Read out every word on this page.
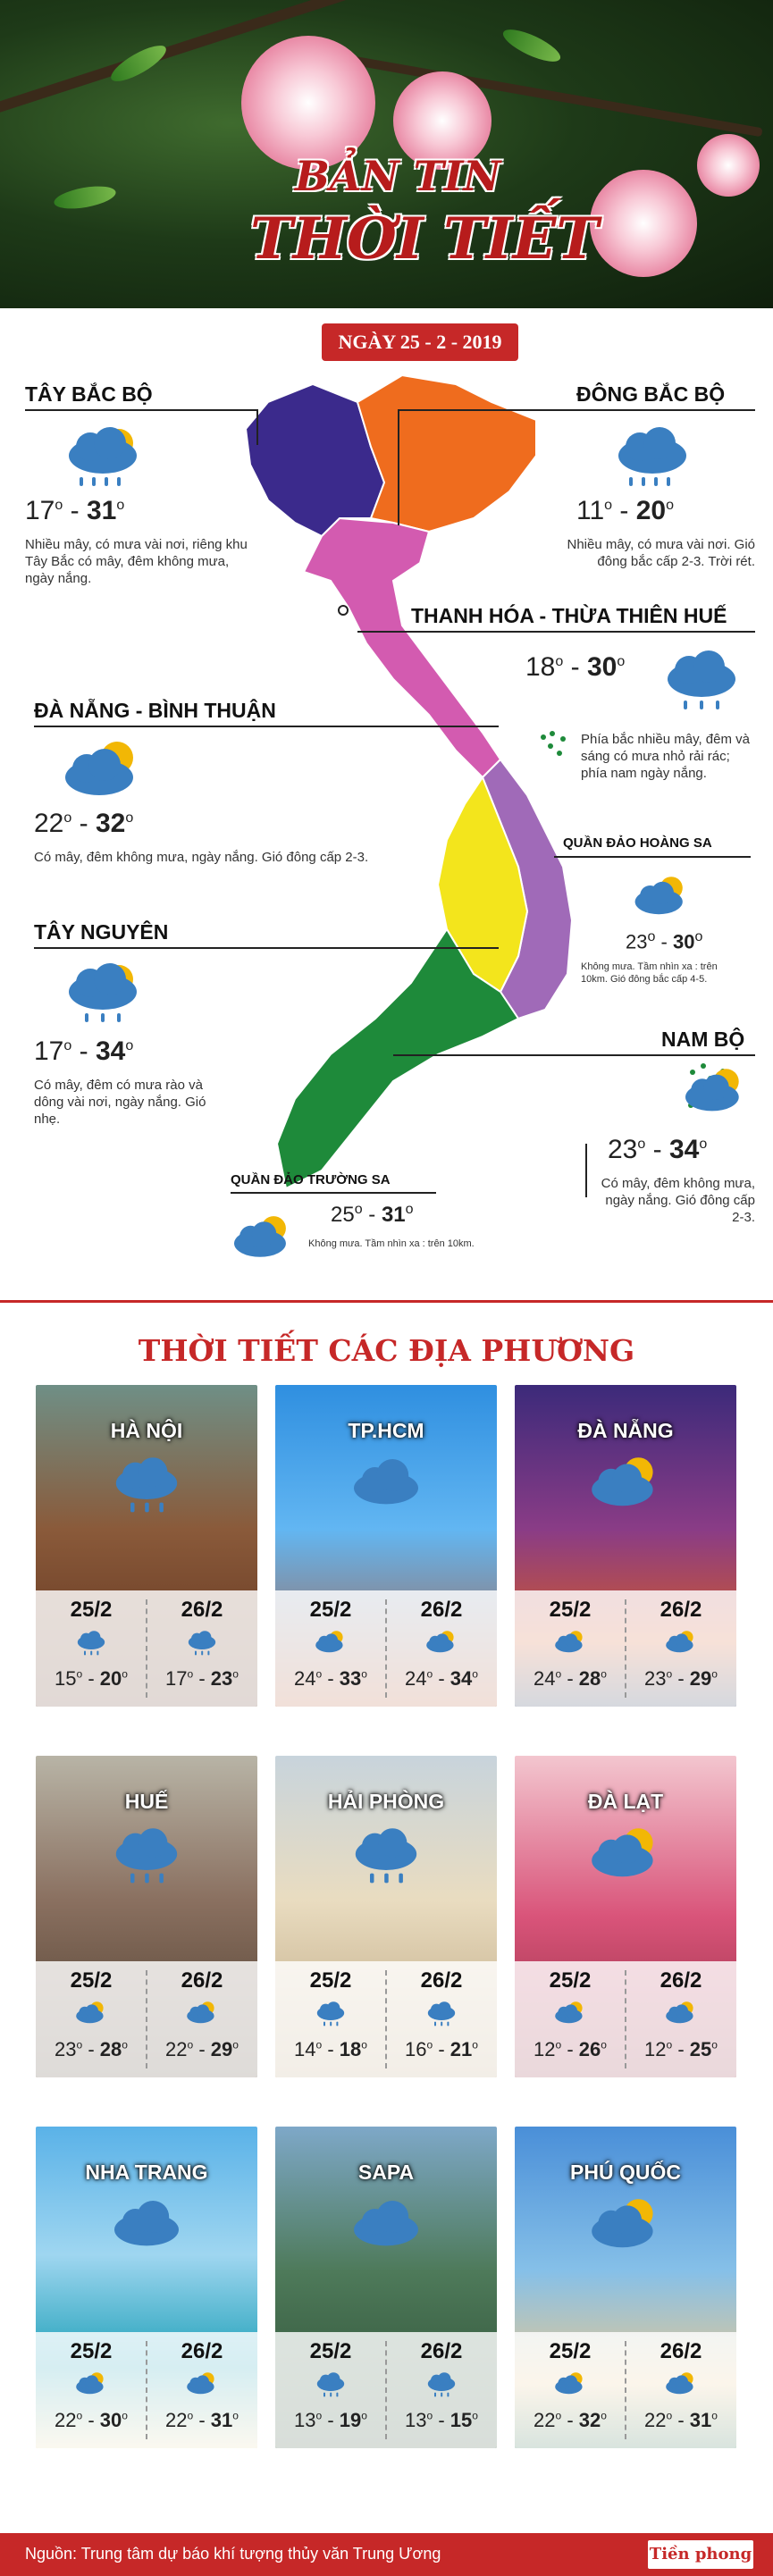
BẢN TIN
THỜI TIẾT
NGÀY 25 - 2 - 2019
TÂY BẮC BỘ
17$^o$ - 31$^o$
Nhiều mây, có mưa vài nơi, riêng khu Tây Bắc có mây, đêm không mưa, ngày nắng.
ĐÔNG BẮC BỘ
11$^o$ - 20$^o$
Nhiều mây, có mưa vài nơi. Gió đông bắc cấp 2-3. Trời rét.
THANH HÓA - THỪA THIÊN HUẾ
18$^o$ - 30$^o$
Phía bắc nhiều mây, đêm và sáng có mưa nhỏ rải rác; phía nam ngày nắng.
ĐÀ NẴNG - BÌNH THUẬN
22$^o$ - 32$^o$
Có mây, đêm không mưa, ngày nắng. Gió đông cấp 2-3.
QUẦN ĐẢO HOÀNG SA
23$^o$ - 30$^o$
Không mưa. Tầm nhìn xa : trên 10km. Gió đông bắc cấp 4-5.
TÂY NGUYÊN
17$^o$ - 34$^o$
Có mây, đêm có mưa rào và dông vài nơi, ngày nắng. Gió nhẹ.
NAM BỘ
23$^o$ - 34$^o$
Có mây, đêm không mưa, ngày nắng. Gió đông cấp 2-3.
QUẦN ĐẢO TRƯỜNG SA
25$^o$ - 31$^o$
Không mưa. Tầm nhìn xa : trên 10km.
THỜI TIẾT CÁC ĐỊA PHƯƠNG
HÀ NỘI
25/2
15$^o$ - 20$^o$
26/2
17$^o$ - 23$^o$
TP.HCM
25/2
24$^o$ - 33$^o$
26/2
24$^o$ - 34$^o$
ĐÀ NẴNG
25/2
24$^o$ - 28$^o$
26/2
23$^o$ - 29$^o$
HUẾ
25/2
23$^o$ - 28$^o$
26/2
22$^o$ - 29$^o$
HẢI PHÒNG
25/2
14$^o$ - 18$^o$
26/2
16$^o$ - 21$^o$
ĐÀ LẠT
25/2
12$^o$ - 26$^o$
26/2
12$^o$ - 25$^o$
NHA TRANG
25/2
22$^o$ - 30$^o$
26/2
22$^o$ - 31$^o$
SAPA
25/2
13$^o$ - 19$^o$
26/2
13$^o$ - 15$^o$
PHÚ QUỐC
25/2
22$^o$ - 32$^o$
26/2
22$^o$ - 31$^o$
Nguồn: Trung tâm dự báo khí tượng thủy văn Trung Ương	Tiền phong
